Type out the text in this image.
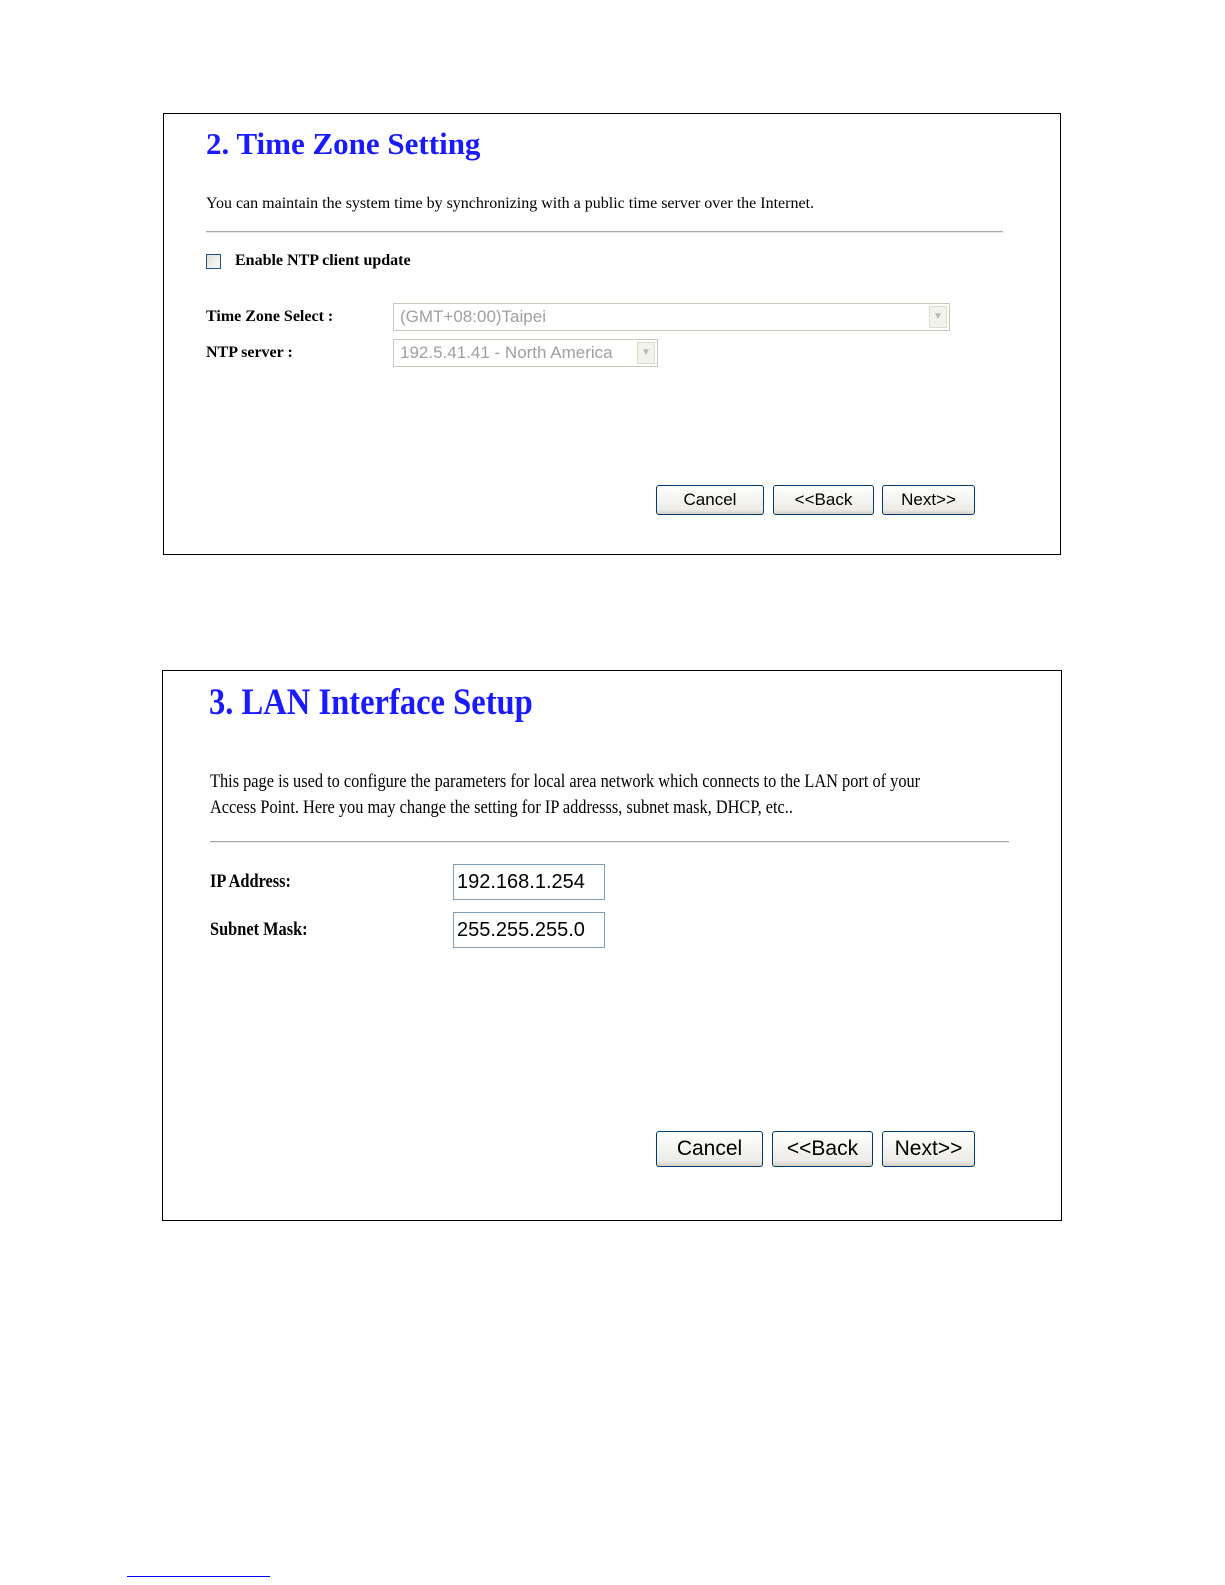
2. Time Zone Setting
You can maintain the system time by synchronizing with a public time server over the Internet.
Enable NTP client update
Time Zone Select :	(GMT+08:00)Taipei	▼
NTP server :	192.5.41.41 - North America	▼
Cancel	<<Back	Next>>
3. LAN Interface Setup
This page is used to configure the parameters for local area network which connects to the LAN port of your
Access Point. Here you may change the setting for IP addresss, subnet mask, DHCP, etc..
IP Address:	192.168.1.254
Subnet Mask:	255.255.255.0
Cancel	<<Back	Next>>
